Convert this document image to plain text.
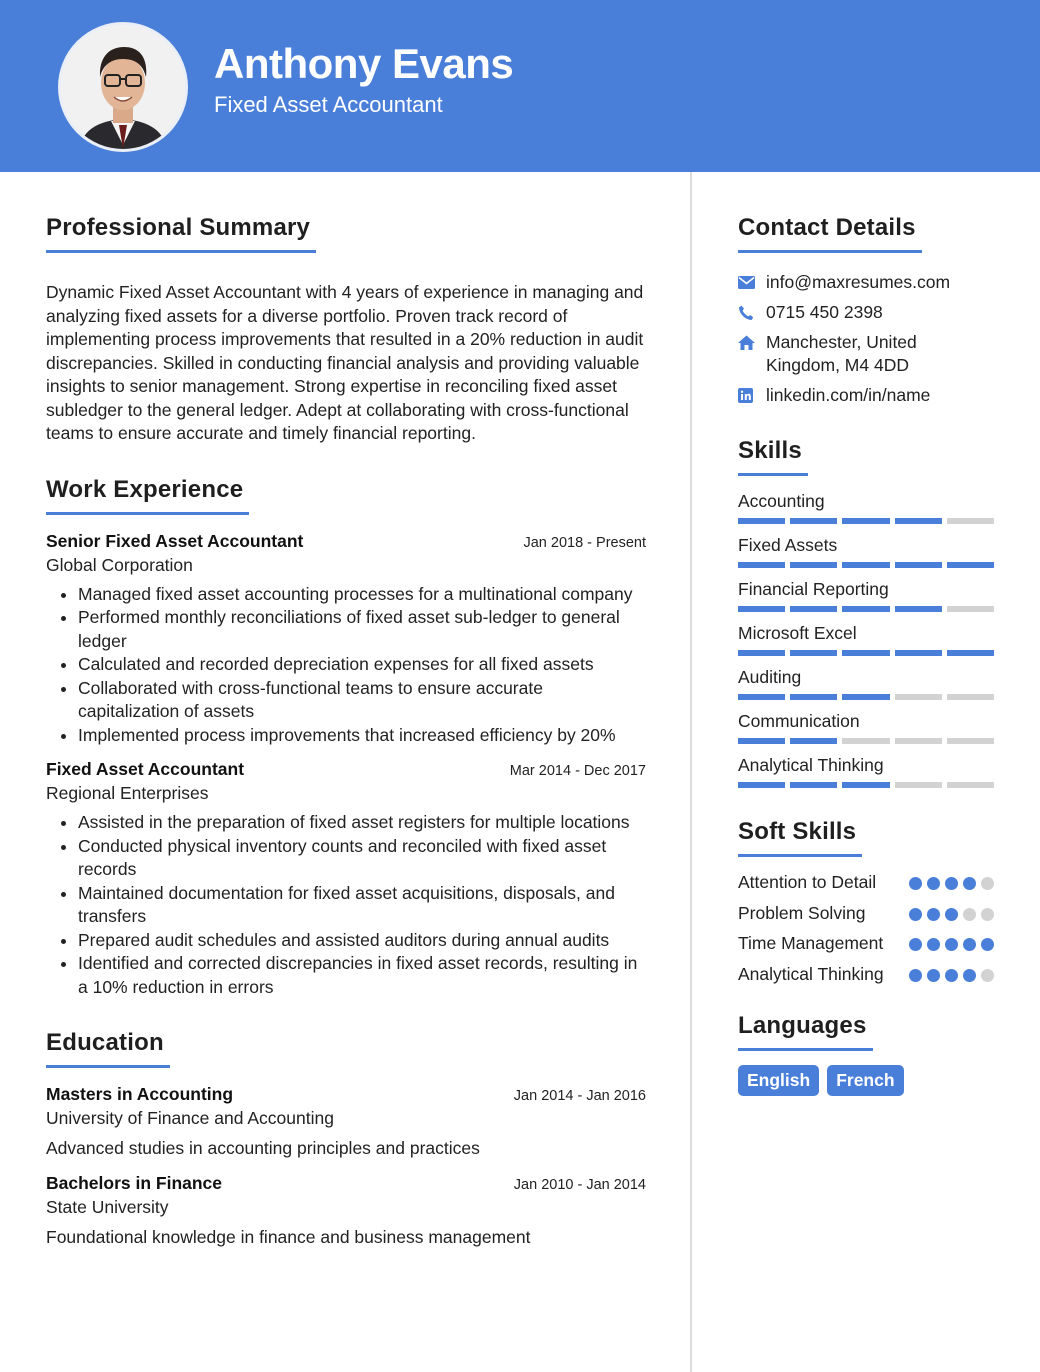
Anthony Evans
Fixed Asset Accountant
Professional Summary

Dynamic Fixed Asset Accountant with 4 years of experience in managing and analyzing fixed assets for a diverse portfolio. Proven track record of implementing process improvements that resulted in a 20% reduction in audit discrepancies. Skilled in conducting financial analysis and providing valuable insights to senior management. Strong expertise in reconciling fixed asset subledger to the general ledger. Adept at collaborating with cross-functional teams to ensure accurate and timely financial reporting.

Work Experience
Senior Fixed Asset Accountant	Jan 2018 - Present
Global Corporation
• Managed fixed asset accounting processes for a multinational company
• Performed monthly reconciliations of fixed asset sub-ledger to general ledger
• Calculated and recorded depreciation expenses for all fixed assets
• Collaborated with cross-functional teams to ensure accurate capitalization of assets
• Implemented process improvements that increased efficiency by 20%
Fixed Asset Accountant	Mar 2014 - Dec 2017
Regional Enterprises
• Assisted in the preparation of fixed asset registers for multiple locations
• Conducted physical inventory counts and reconciled with fixed asset records
• Maintained documentation for fixed asset acquisitions, disposals, and transfers
• Prepared audit schedules and assisted auditors during annual audits
• Identified and corrected discrepancies in fixed asset records, resulting in a 10% reduction in errors
Education
Masters in Accounting	Jan 2014 - Jan 2016
University of Finance and Accounting
Advanced studies in accounting principles and practices
Bachelors in Finance	Jan 2010 - Jan 2014
State University
Foundational knowledge in finance and business management
Contact Details
info@maxresumes.com
0715 450 2398
Manchester, United Kingdom, M4 4DD
linkedin.com/in/name
Skills
Accounting
Fixed Assets
Financial Reporting
Microsoft Excel
Auditing
Communication
Analytical Thinking
Soft Skills
Attention to Detail
Problem Solving
Time Management
Analytical Thinking
Languages
English	French
